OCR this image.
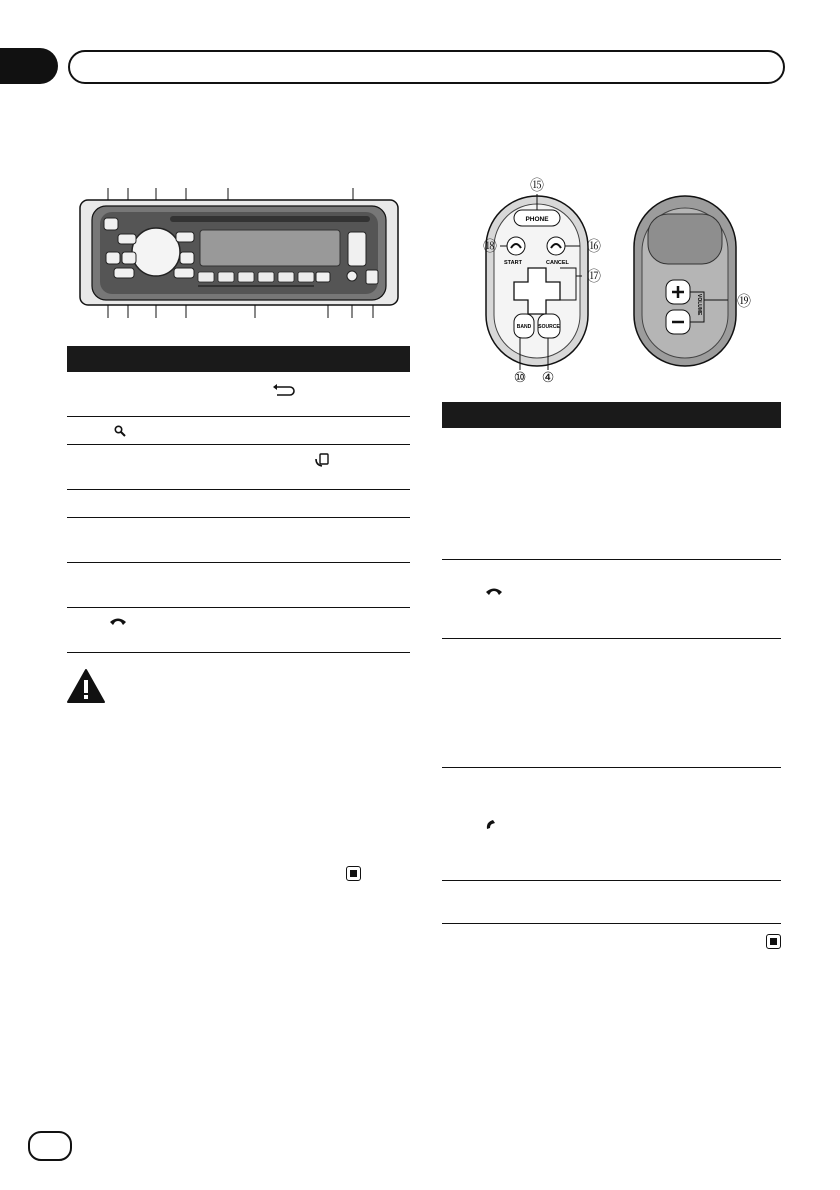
PHONE
START	CANCEL
BAND SOURCE
⑮
⑯
⑰
⑱
⑩ ④
VOLUME	⑲
